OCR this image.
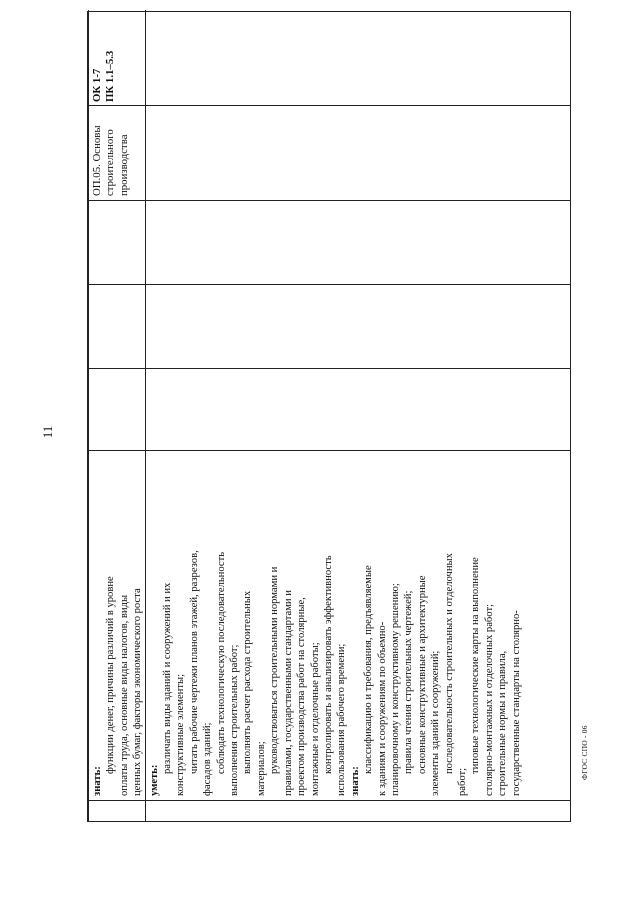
11
ФГОС СПО - 06

знать:

функции денег, причины различий в уровне оплаты труда, основные виды налогов, виды ценных бумаг, факторы экономического роста уметь:

различать виды зданий и сооружений и их конструктивные элементы; читать рабочие чертежи планов этажей, разрезов, фасадов зданий; соблюдать технологическую последовательность выполнения строительных работ; выполнять расчет расхода строительных материалов; руководствоваться строительными нормами и правилами, государственными стандартами и проектом производства работ на столярные, монтажные и отделочные работы; контролировать и анализировать эффективность использования рабочего времени; знать:

классификацию и требования, предъявляемые к зданиям и сооружениям по объемно- планировочному и конструктивному решению; правила чтения строительных чертежей; основные конструктивные и архитектурные элементы зданий и сооружений; последовательность строительных и отделочных

работ;

типовые технологические карты на выполнение столярно-монтажных и отделочных работ; строительные нормы и правила, государственные стандарты на столярно-

ОП.05. Основы строительного производства
ОК 1-7 ПК 1.1–5.3
